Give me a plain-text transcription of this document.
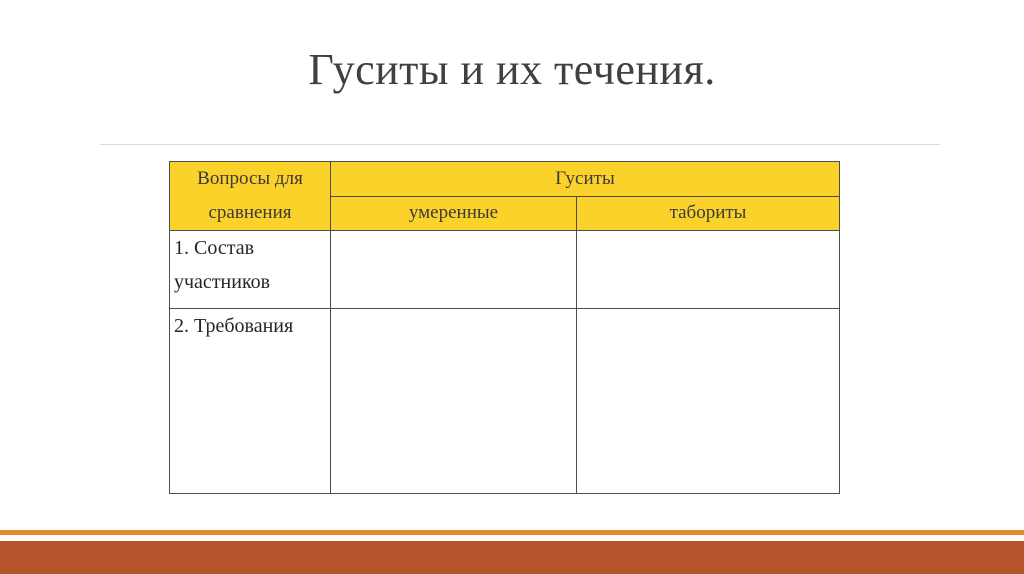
Гуситы и их течения.
Вопросы для сравнения	Гуситы	
	умеренные	табориты

1. Состав участников		

2. Требования		
